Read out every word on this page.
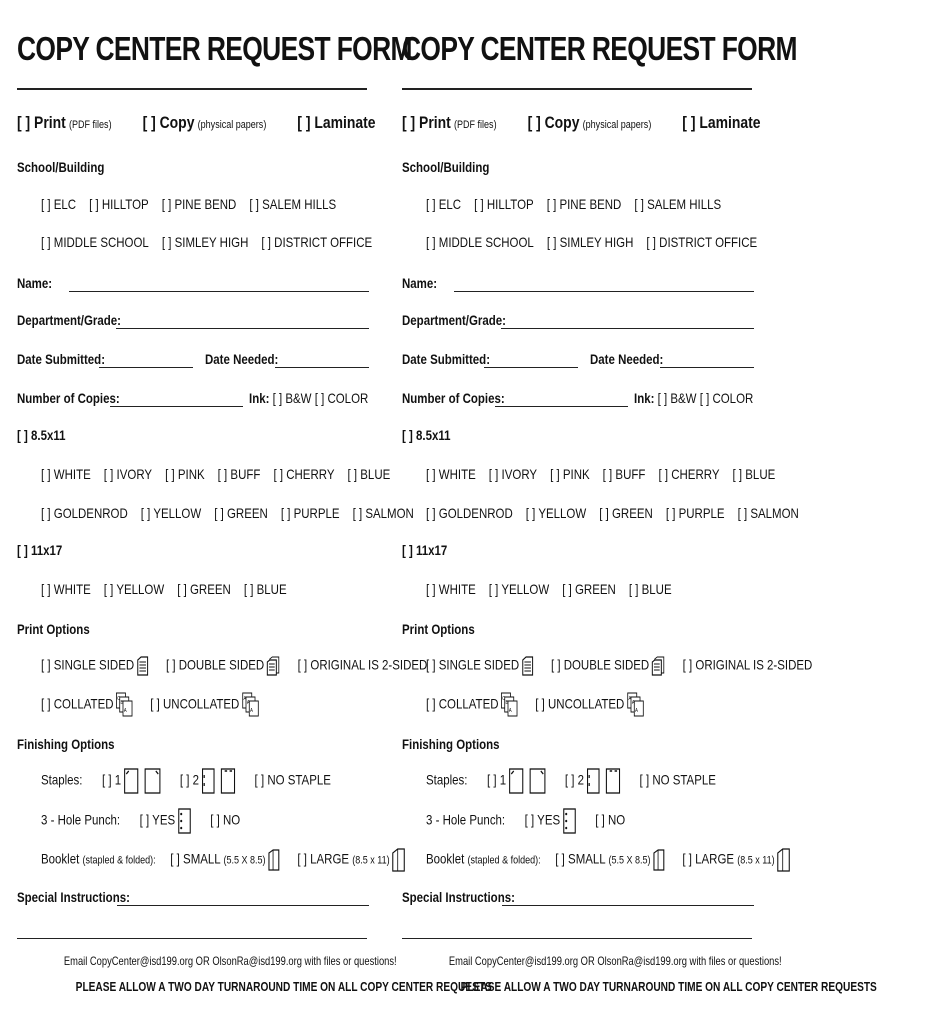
COPY CENTER REQUEST FORM
[ ] Print (PDF files) [ ] Copy (physical papers) [ ] Laminate
School/Building
[ ] ELC [ ] HILLTOP [ ] PINE BEND [ ] SALEM HILLS
[ ] MIDDLE SCHOOL [ ] SIMLEY HIGH [ ] DISTRICT OFFICE
Name:
Department/Grade:
Date Submitted:	Date Needed:
Number of Copies:	Ink: [ ] B&W [ ] COLOR
[ ] 8.5x11
[ ] WHITE [ ] IVORY [ ] PINK [ ] BUFF [ ] CHERRY [ ] BLUE
[ ] GOLDENROD [ ] YELLOW [ ] GREEN [ ] PURPLE [ ] SALMON
[ ] 11x17
[ ] WHITE [ ] YELLOW [ ] GREEN [ ] BLUE
Print Options
[ ] SINGLE SIDED [ ] DOUBLE SIDED [ ] ORIGINAL IS 2-SIDED
[ ] COLLATED C
B
A [ ] UNCOLLATED A
A
A
Finishing Options
Staples: [ ] 1	[ ] 2	[ ] NO STAPLE
3 - Hole Punch: [ ] YES	[ ] NO
Booklet (stapled & folded): [ ] SMALL (5.5 X 8.5) [ ] LARGE (8.5 x 11)
Special Instructions:
Email CopyCenter@isd199.org OR OlsonRa@isd199.org with files or questions!
PLEASE ALLOW A TWO DAY TURNAROUND TIME ON ALL COPY CENTER REQUESTS
COPY CENTER REQUEST FORM
[ ] Print (PDF files) [ ] Copy (physical papers) [ ] Laminate
School/Building
[ ] ELC [ ] HILLTOP [ ] PINE BEND [ ] SALEM HILLS
[ ] MIDDLE SCHOOL [ ] SIMLEY HIGH [ ] DISTRICT OFFICE
Name:
Department/Grade:
Date Submitted:	Date Needed:
Number of Copies:	Ink: [ ] B&W [ ] COLOR
[ ] 8.5x11
[ ] WHITE [ ] IVORY [ ] PINK [ ] BUFF [ ] CHERRY [ ] BLUE
[ ] GOLDENROD [ ] YELLOW [ ] GREEN [ ] PURPLE [ ] SALMON
[ ] 11x17
[ ] WHITE [ ] YELLOW [ ] GREEN [ ] BLUE
Print Options
[ ] SINGLE SIDED [ ] DOUBLE SIDED [ ] ORIGINAL IS 2-SIDED
[ ] COLLATED C
B
A [ ] UNCOLLATED A
A
A
Finishing Options
Staples: [ ] 1	[ ] 2	[ ] NO STAPLE
3 - Hole Punch: [ ] YES	[ ] NO
Booklet (stapled & folded): [ ] SMALL (5.5 X 8.5) [ ] LARGE (8.5 x 11)
Special Instructions:
Email CopyCenter@isd199.org OR OlsonRa@isd199.org with files or questions!
PLEASE ALLOW A TWO DAY TURNAROUND TIME ON ALL COPY CENTER REQUESTS
